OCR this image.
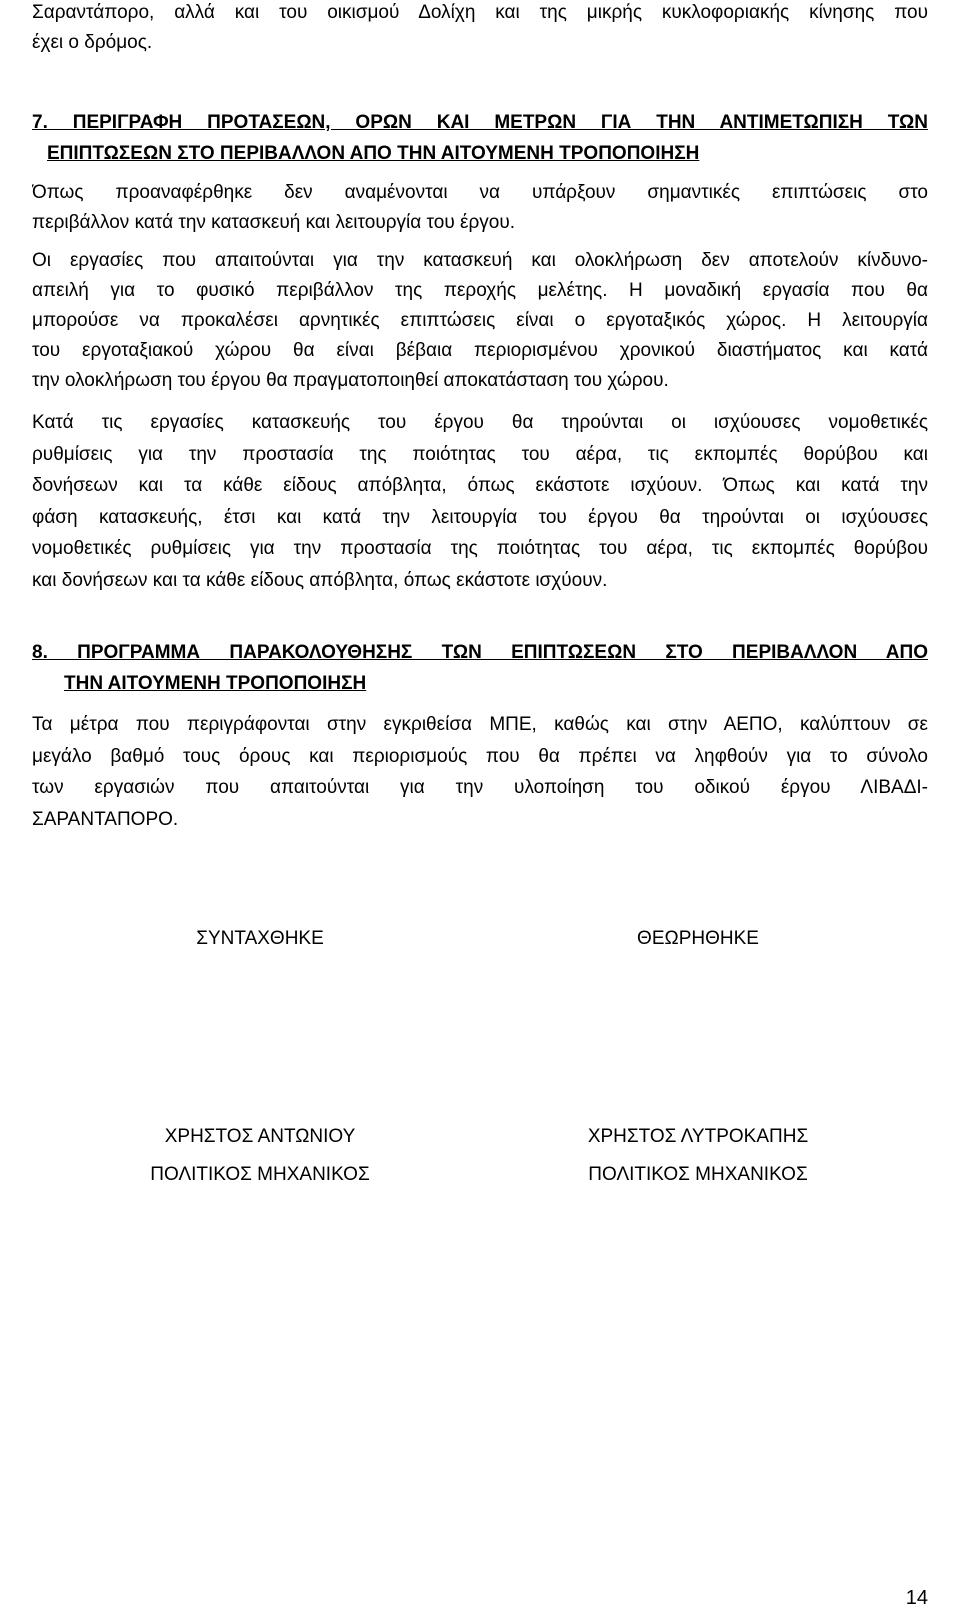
Σαραντάπορο, αλλά και του οικισμού Δολίχη και της μικρής κυκλοφοριακής κίνησης που
έχει ο δρόμος.

7. ΠΕΡΙΓΡΑΦΗ ΠΡΟΤΑΣΕΩΝ, ΟΡΩΝ ΚΑΙ ΜΕΤΡΩΝ ΓΙΑ ΤΗΝ ΑΝΤΙΜΕΤΩΠΙΣΗ ΤΩΝ
ΕΠΙΠΤΩΣΕΩΝ ΣΤΟ ΠΕΡΙΒΑΛΛΟΝ ΑΠΟ ΤΗΝ ΑΙΤΟΥΜΕΝΗ ΤΡΟΠΟΠΟΙΗΣΗ

Όπως προαναφέρθηκε δεν αναμένονται να υπάρξουν σημαντικές επιπτώσεις στο
περιβάλλον κατά την κατασκευή και λειτουργία του έργου.

Οι εργασίες που απαιτούνται για την κατασκευή και ολοκλήρωση δεν αποτελούν κίνδυνο-
απειλή για το φυσικό περιβάλλον της περοχής μελέτης. Η μοναδική εργασία που θα
μπορούσε να προκαλέσει αρνητικές επιπτώσεις είναι ο εργοταξικός χώρος. Η λειτουργία
του εργοταξιακού χώρου θα είναι βέβαια περιορισμένου χρονικού διαστήματος και κατά
την ολοκλήρωση του έργου θα πραγματοποιηθεί αποκατάσταση του χώρου.

Κατά τις εργασίες κατασκευής του έργου θα τηρούνται οι ισχύουσες νομοθετικές
ρυθμίσεις για την προστασία της ποιότητας του αέρα, τις εκπομπές θορύβου και
δονήσεων και τα κάθε είδους απόβλητα, όπως εκάστοτε ισχύουν. Όπως και κατά την
φάση κατασκευής, έτσι και κατά την λειτουργία του έργου θα τηρούνται οι ισχύουσες
νομοθετικές ρυθμίσεις για την προστασία της ποιότητας του αέρα, τις εκπομπές θορύβου
και δονήσεων και τα κάθε είδους απόβλητα, όπως εκάστοτε ισχύουν.

8. ΠΡΟΓΡΑΜΜΑ ΠΑΡΑΚΟΛΟΥΘΗΣΗΣ ΤΩΝ ΕΠΙΠΤΩΣΕΩΝ ΣΤΟ ΠΕΡΙΒΑΛΛΟΝ ΑΠΟ
ΤΗΝ ΑΙΤΟΥΜΕΝΗ ΤΡΟΠΟΠΟΙΗΣΗ

Τα μέτρα που περιγράφονται στην εγκριθείσα ΜΠΕ, καθώς και στην ΑΕΠΟ, καλύπτουν σε
μεγάλο βαθμό τους όρους και περιορισμούς που θα πρέπει να ληφθούν για το σύνολο
των εργασιών που απαιτούνται για την υλοποίηση του οδικού έργου ΛΙΒΑΔΙ-
ΣΑΡΑΝΤΑΠΟΡΟ.

ΣΥΝΤΑΧΘΗΚΕ	ΘΕΩΡΗΘΗΚΕ
ΧΡΗΣΤΟΣ ΑΝΤΩΝΙΟΥ	ΧΡΗΣΤΟΣ ΛΥΤΡΟΚΑΠΗΣ
ΠΟΛΙΤΙΚΟΣ ΜΗΧΑΝΙΚΟΣ	ΠΟΛΙΤΙΚΟΣ ΜΗΧΑΝΙΚΟΣ
14
